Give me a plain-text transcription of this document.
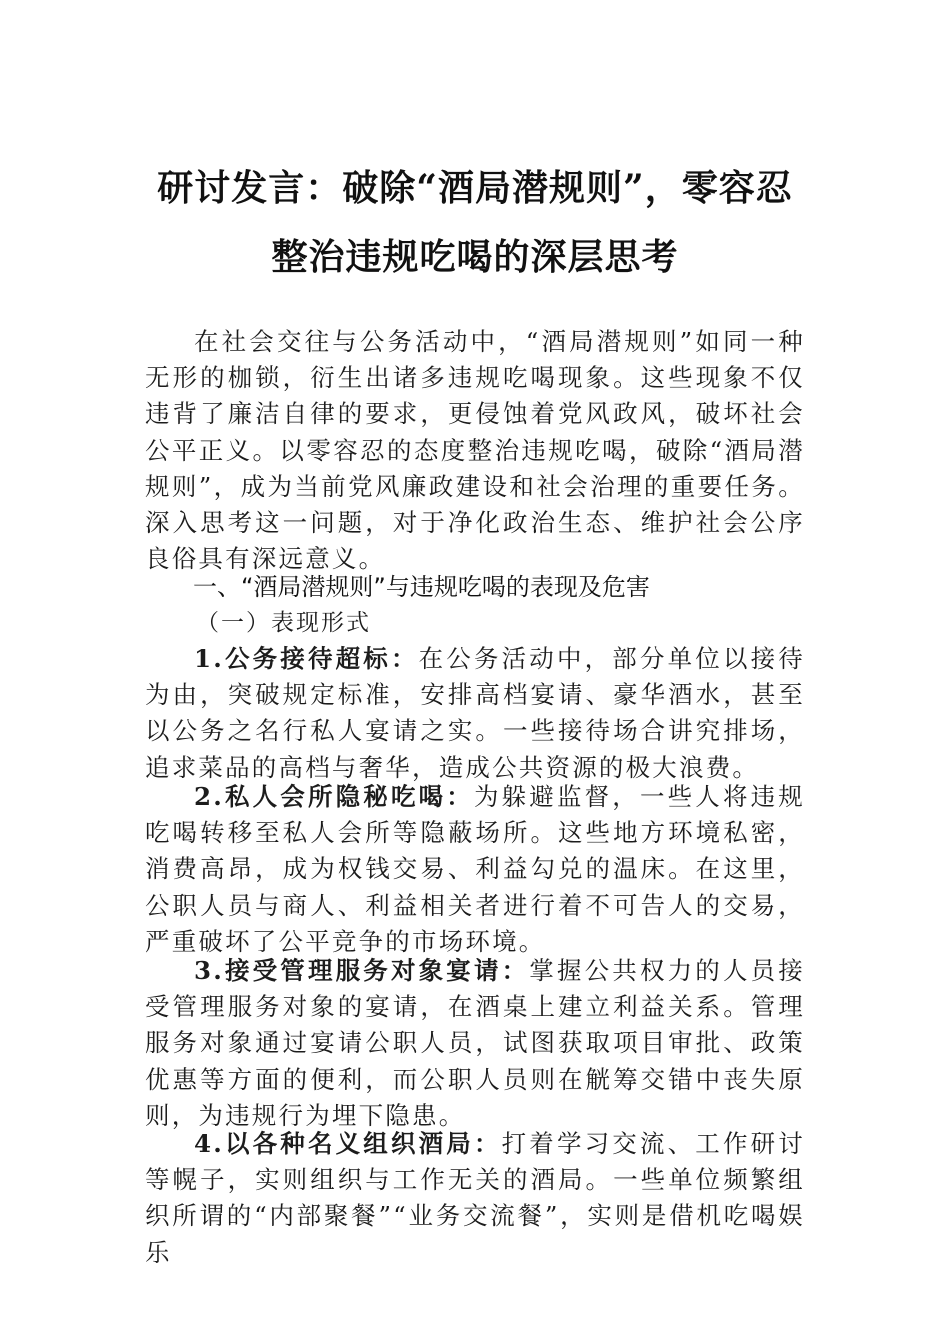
研讨发言：破除“酒局潜规则”，零容忍
整治违规吃喝的深层思考

在社会交往与公务活动中，“酒局潜规则”如同一种无形的枷锁，衍生出诸多违规吃喝现象。这些现象不仅违背了廉洁自律的要求，更侵蚀着党风政风，破坏社会公平正义。以零容忍的态度整治违规吃喝，破除“酒局潜规则”，成为当前党风廉政建设和社会治理的重要任务。深入思考这一问题，对于净化政治生态、维护社会公序良俗具有深远意义。

一、“酒局潜规则”与违规吃喝的表现及危害
（一）表现形式

1.公务接待超标：在公务活动中，部分单位以接待为由，突破规定标准，安排高档宴请、豪华酒水，甚至以公务之名行私人宴请之实。一些接待场合讲究排场，追求菜品的高档与奢华，造成公共资源的极大浪费。

2.私人会所隐秘吃喝：为躲避监督，一些人将违规吃喝转移至私人会所等隐蔽场所。这些地方环境私密，消费高昂，成为权钱交易、利益勾兑的温床。在这里，公职人员与商人、利益相关者进行着不可告人的交易，严重破坏了公平竞争的市场环境。

3.接受管理服务对象宴请：掌握公共权力的人员接受管理服务对象的宴请，在酒桌上建立利益关系。管理服务对象通过宴请公职人员，试图获取项目审批、政策优惠等方面的便利，而公职人员则在觥筹交错中丧失原则，为违规行为埋下隐患。

4.以各种名义组织酒局：打着学习交流、工作研讨等幌子，实则组织与工作无关的酒局。一些单位频繁组织所谓的“内部聚餐”“业务交流餐”，实则是借机吃喝娱乐
